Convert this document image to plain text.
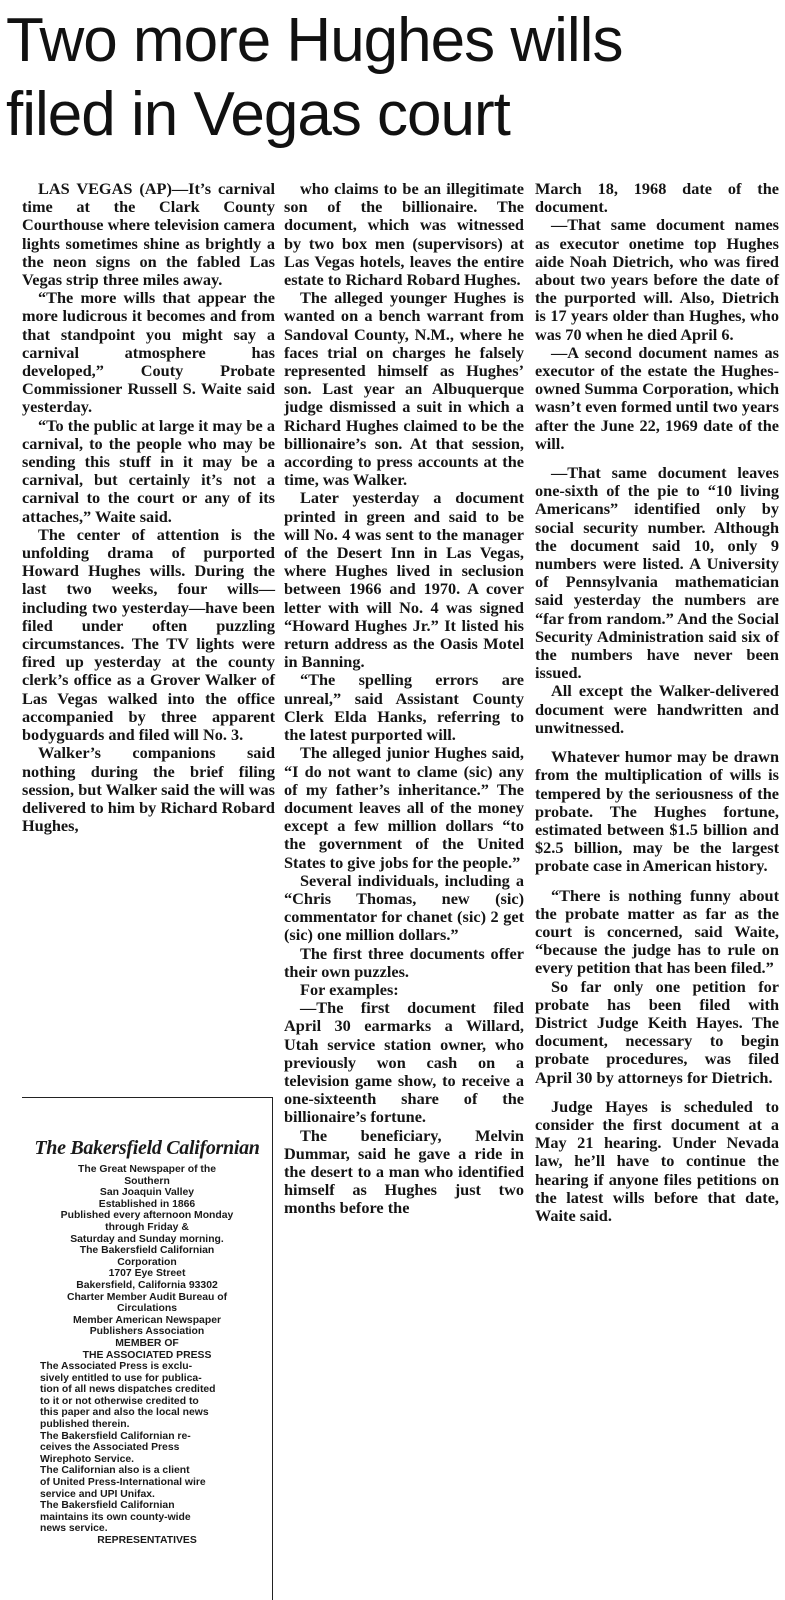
Two more Hughes wills
filed in Vegas court

LAS VEGAS (AP)—It’s carnival time at the Clark County Courthouse where television camera lights sometimes shine as brightly a the neon signs on the fabled Las Vegas strip three miles away.

“The more wills that appear the more ludicrous it becomes and from that standpoint you might say a carnival atmosphere has developed,” Couty Probate Commissioner Russell S. Waite said yesterday.

“To the public at large it may be a carnival, to the people who may be sending this stuff in it may be a carnival, but certainly it’s not a carnival to the court or any of its attaches,” Waite said.

The center of attention is the unfolding drama of purported Howard Hughes wills. During the last two weeks, four wills— including two yesterday—have been filed under often puzzling circumstances. The TV lights were fired up yesterday at the county clerk’s office as a Grover Walker of Las Vegas walked into the office accompanied by three apparent bodyguards and filed will No. 3.

Walker’s companions said nothing during the brief filing session, but Walker said the will was delivered to him by Richard Robard Hughes,

who claims to be an illegitimate son of the billionaire. The document, which was witnessed by two box men (supervisors) at Las Vegas hotels, leaves the entire estate to Richard Robard Hughes.

The alleged younger Hughes is wanted on a bench warrant from Sandoval County, N.M., where he faces trial on charges he falsely represented himself as Hughes’ son. Last year an Albuquerque judge dismissed a suit in which a Richard Hughes claimed to be the billionaire’s son. At that session, according to press accounts at the time, was Walker.

Later yesterday a document printed in green and said to be will No. 4 was sent to the manager of the Desert Inn in Las Vegas, where Hughes lived in seclusion between 1966 and 1970. A cover letter with will No. 4 was signed “Howard Hughes Jr.” It listed his return address as the Oasis Motel in Banning.

“The spelling errors are unreal,” said Assistant County Clerk Elda Hanks, referring to the latest purported will.

The alleged junior Hughes said, “I do not want to clame (sic) any of my father’s inheritance.” The document leaves all of the money except a few million dollars “to the government of the United States to give jobs for the people.”

Several individuals, including a “Chris Thomas, new (sic) commentator for chanet (sic) 2 get (sic) one million dollars.”

The first three documents offer their own puzzles.

For examples:

—The first document filed April 30 earmarks a Willard, Utah service station owner, who previously won cash on a television game show, to receive a one-sixteenth share of the billionaire’s fortune.

The beneficiary, Melvin Dummar, said he gave a ride in the desert to a man who identified himself as Hughes just two months before the

March 18, 1968 date of the document.

—That same document names as executor onetime top Hughes aide Noah Dietrich, who was fired about two years before the date of the purported will. Also, Dietrich is 17 years older than Hughes, who was 70 when he died April 6.

—A second document names as executor of the estate the Hughes-owned Summa Corporation, which wasn’t even formed until two years after the June 22, 1969 date of the will.

—That same document leaves one-sixth of the pie to “10 living Americans” identified only by social security number. Although the document said 10, only 9 numbers were listed. A University of Pennsylvania mathematician said yesterday the numbers are “far from random.” And the Social Security Administration said six of the numbers have never been issued.

All except the Walker-delivered document were handwritten and unwitnessed.

Whatever humor may be drawn from the multiplication of wills is tempered by the seriousness of the probate. The Hughes fortune, estimated between $1.5 billion and $2.5 billion, may be the largest probate case in American history.

“There is nothing funny about the probate matter as far as the court is concerned, said Waite, “because the judge has to rule on every petition that has been filed.”

So far only one petition for probate has been filed with District Judge Keith Hayes. The document, necessary to begin probate procedures, was filed April 30 by attorneys for Dietrich.

Judge Hayes is scheduled to consider the first document at a May 21 hearing. Under Nevada law, he’ll have to continue the hearing if anyone files petitions on the latest wills before that date, Waite said.

The Bakersfield Californian
The Great Newspaper of the
Southern
San Joaquin Valley
Established in 1866
Published every afternoon Monday
through Friday &
Saturday and Sunday morning.
The Bakersfield Californian
Corporation
1707 Eye Street
Bakersfield, California 93302
Charter Member Audit Bureau of
Circulations
Member American Newspaper
Publishers Association
MEMBER OF
THE ASSOCIATED PRESS
The Associated Press is exclu-
sively entitled to use for publica-
tion of all news dispatches credited
to it or not otherwise credited to
this paper and also the local news
published therein.
The Bakersfield Californian re-
ceives the Associated Press
Wirephoto Service.
The Californian also is a client
of United Press-International wire
service and UPI Unifax.
The Bakersfield Californian
maintains its own county-wide
news service.
REPRESENTATIVES
